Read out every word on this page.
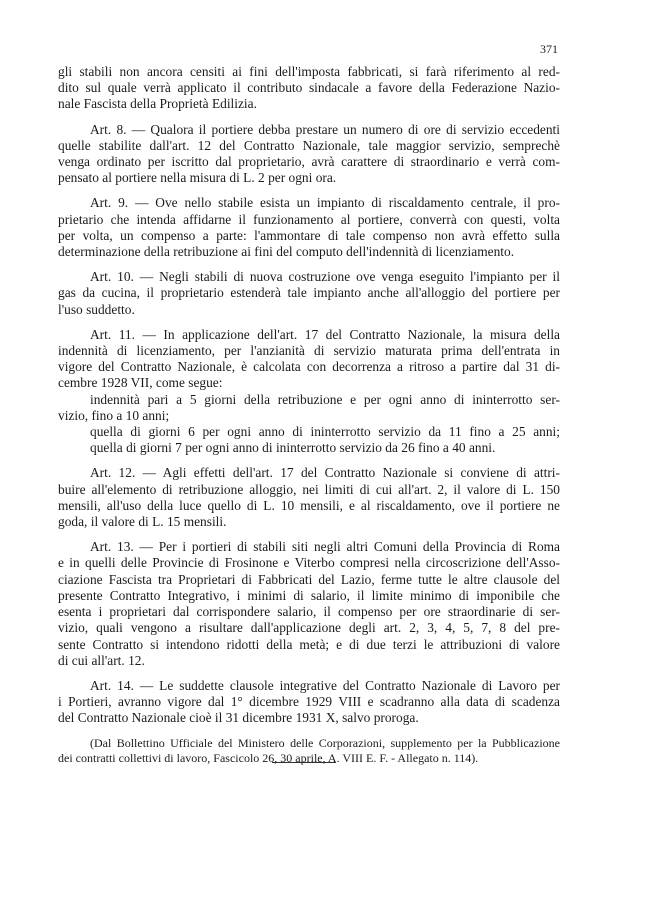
371
gli stabili non ancora censiti ai fini dell'imposta fabbricati, si farà riferimento al red-
dito sul quale verrà applicato il contributo sindacale a favore della Federazione Nazio-
nale Fascista della Proprietà Edilizia.
Art. 8. — Qualora il portiere debba prestare un numero di ore di servizio eccedenti
quelle stabilite dall'art. 12 del Contratto Nazionale, tale maggior servizio, semprechè
venga ordinato per iscritto dal proprietario, avrà carattere di straordinario e verrà com-
pensato al portiere nella misura di L. 2 per ogni ora.
Art. 9. — Ove nello stabile esista un impianto di riscaldamento centrale, il pro-
prietario che intenda affidarne il funzionamento al portiere, converrà con questi, volta
per volta, un compenso a parte: l'ammontare di tale compenso non avrà effetto sulla
determinazione della retribuzione ai fini del computo dell'indennità di licenziamento.
Art. 10. — Negli stabili di nuova costruzione ove venga eseguito l'impianto per il
gas da cucina, il proprietario estenderà tale impianto anche all'alloggio del portiere per
l'uso suddetto.
Art. 11. — In applicazione dell'art. 17 del Contratto Nazionale, la misura della
indennità di licenziamento, per l'anzianità di servizio maturata prima dell'entrata in
vigore del Contratto Nazionale, è calcolata con decorrenza a ritroso a partire dal 31 di-
cembre 1928 VII, come segue:
indennità pari a 5 giorni della retribuzione e per ogni anno di ininterrotto ser-
vizio, fino a 10 anni;
quella di giorni 6 per ogni anno di ininterrotto servizio da 11 fino a 25 anni;
quella di giorni 7 per ogni anno di ininterrotto servizio da 26 fino a 40 anni.
Art. 12. — Agli effetti dell'art. 17 del Contratto Nazionale si conviene di attri-
buire all'elemento di retribuzione alloggio, nei limiti di cui all'art. 2, il valore di L. 150
mensili, all'uso della luce quello di L. 10 mensili, e al riscaldamento, ove il portiere ne
goda, il valore di L. 15 mensili.
Art. 13. — Per i portieri di stabili siti negli altri Comuni della Provincia di Roma
e in quelli delle Provincie di Frosinone e Viterbo compresi nella circoscrizione dell'Asso-
ciazione Fascista tra Proprietari di Fabbricati del Lazio, ferme tutte le altre clausole del
presente Contratto Integrativo, i minimi di salario, il limite minimo di imponibile che
esenta i proprietari dal corrispondere salario, il compenso per ore straordinarie di ser-
vizio, quali vengono a risultare dall'applicazione degli art. 2, 3, 4, 5, 7, 8 del pre-
sente Contratto si intendono ridotti della metà; e di due terzi le attribuzioni di valore
di cui all'art. 12.
Art. 14. — Le suddette clausole integrative del Contratto Nazionale di Lavoro per
i Portieri, avranno vigore dal 1° dicembre 1929 VIII e scadranno alla data di scadenza
del Contratto Nazionale cioè il 31 dicembre 1931 X, salvo proroga.
(Dal Bollettino Ufficiale del Ministero delle Corporazioni, supplemento per la Pubblicazione
dei contratti collettivi di lavoro, Fascicolo 26, 30 aprile, A. VIII E. F. - Allegato n. 114).
